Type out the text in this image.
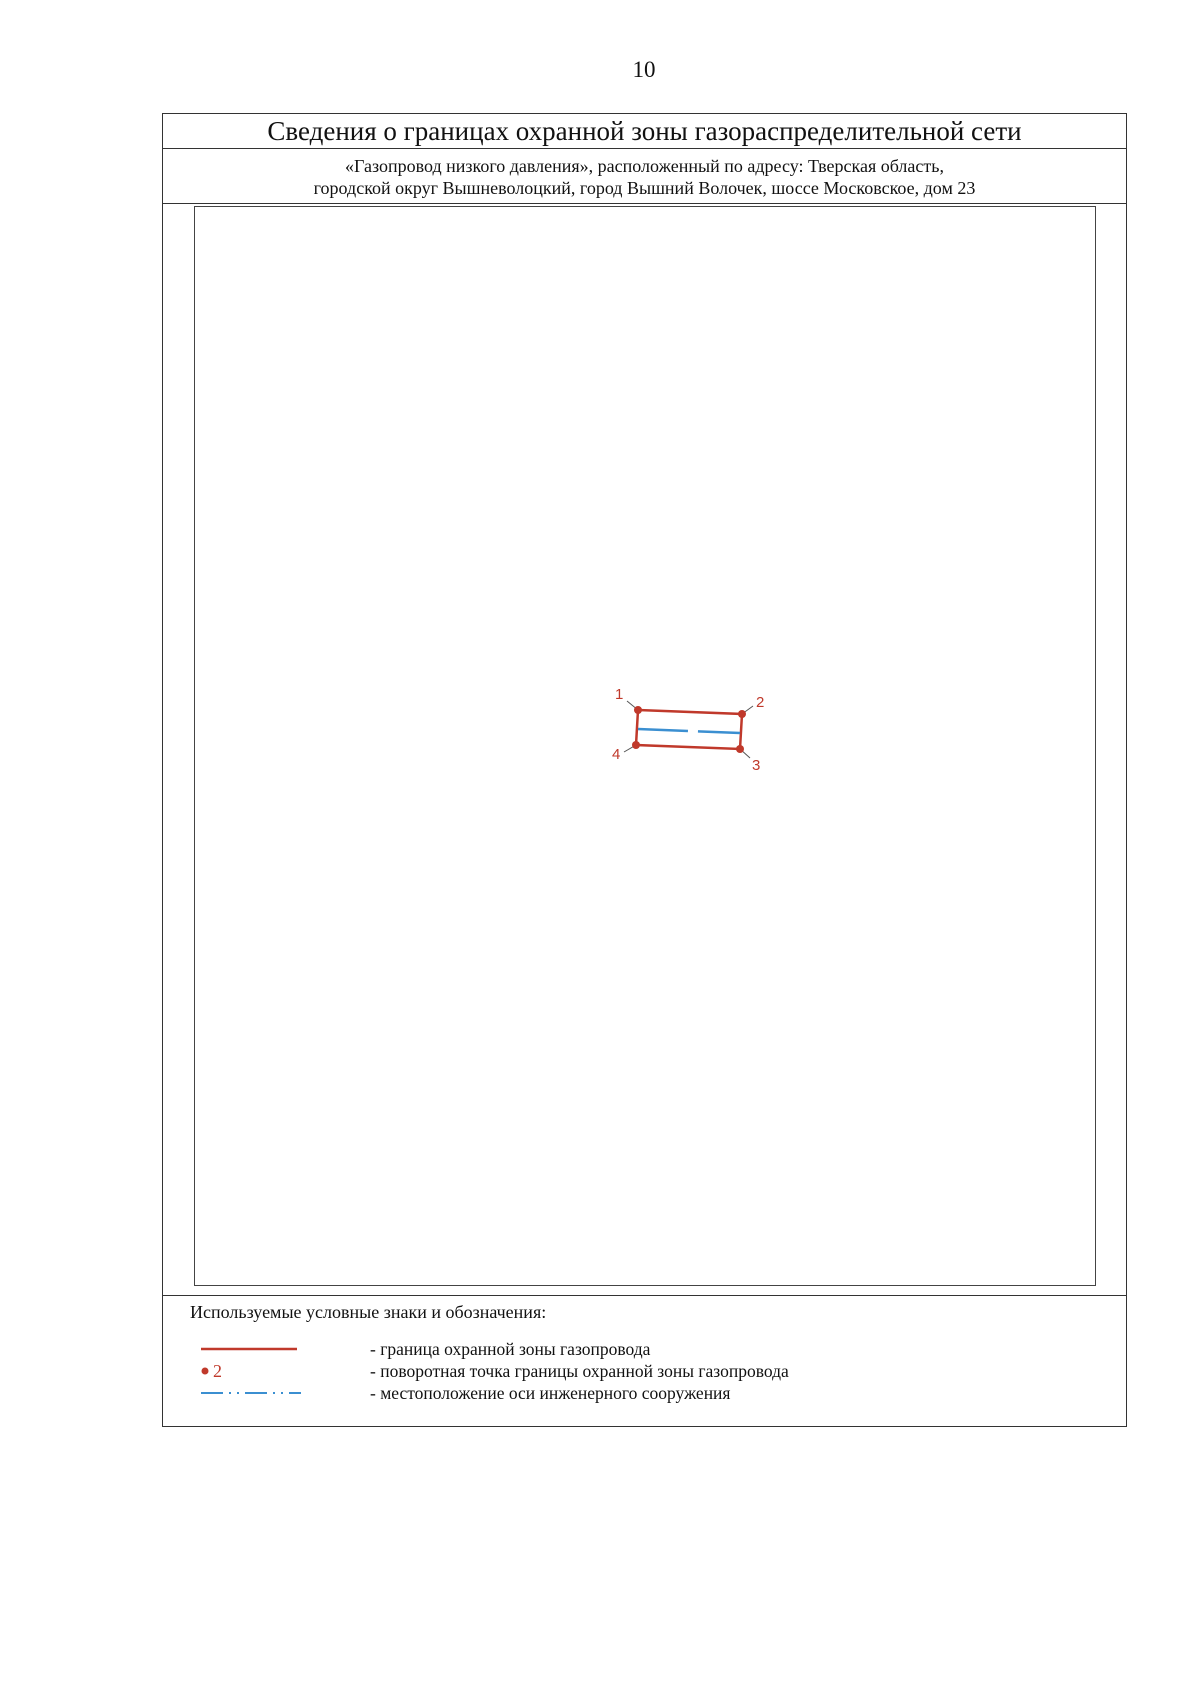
10
Сведения о границах охранной зоны газораспределительной сети
«Газопровод низкого давления», расположенный по адресу: Тверская область,
городской округ Вышневолоцкий, город Вышний Волочек, шоссе Московское, дом 23
1	2
3
4
Используемые условные знаки и обозначения:
- граница охранной зоны газопровода
2	- поворотная точка границы охранной зоны газопровода
- местоположение оси инженерного сооружения
